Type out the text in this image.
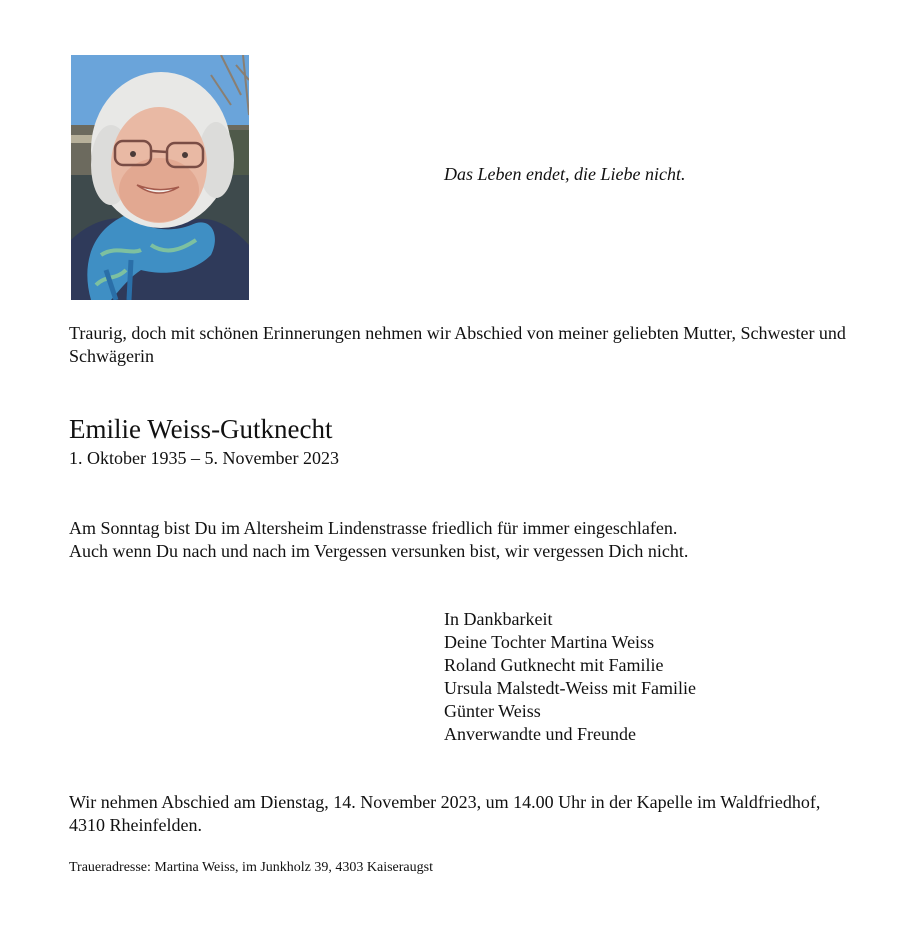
Das Leben endet, die Liebe nicht.
Traurig, doch mit schönen Erinnerungen nehmen wir Abschied von meiner geliebten Mutter, Schwester und Schwägerin
Emilie Weiss-Gutknecht
1. Oktober 1935 – 5. November 2023
Am Sonntag bist Du im Altersheim Lindenstrasse friedlich für immer eingeschlafen.
Auch wenn Du nach und nach im Vergessen versunken bist, wir vergessen Dich nicht.
In Dankbarkeit
Deine Tochter Martina Weiss
Roland Gutknecht mit Familie
Ursula Malstedt-Weiss mit Familie
Günter Weiss
Anverwandte und Freunde
Wir nehmen Abschied am Dienstag, 14. November 2023, um 14.00 Uhr in der Kapelle im Waldfriedhof, 4310 Rheinfelden.
Traueradresse: Martina Weiss, im Junkholz 39, 4303 Kaiseraugst
